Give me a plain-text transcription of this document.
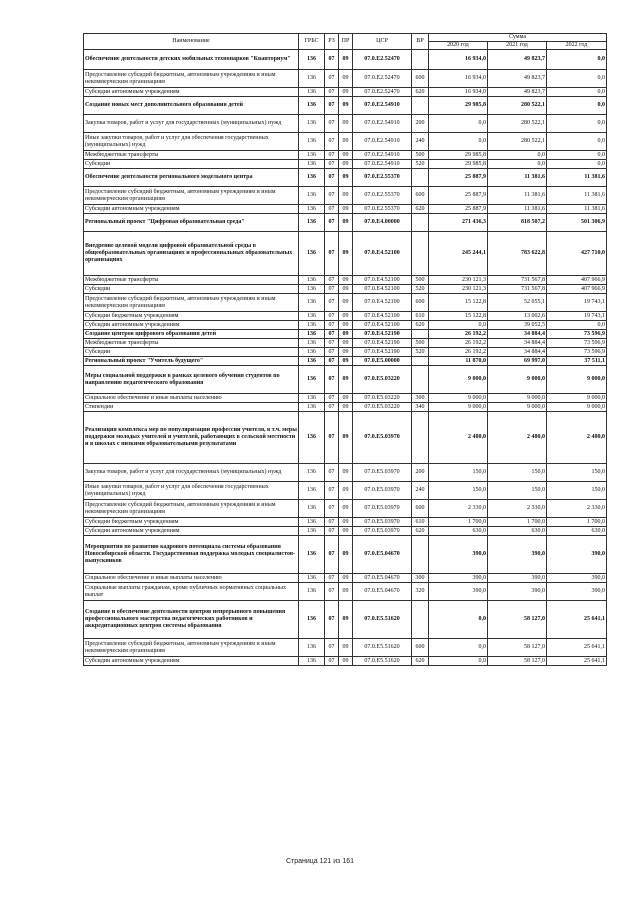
Наименование	ГРБС	РЗ	ПР	ЦСР	ВР	Сумма		
						2020 год	2021 год	2022 год
Обеспечение деятельности детских мобильных технопарков "Кванториум"	136	07	09	07.0.E2.52470		16 934,0	49 823,7	0,0
Предоставление субсидий бюджетным, автономным учреждениям и иным некоммерческим организациям	136	07	09	07.0.E2.52470	600	16 934,0	49 823,7	0,0
Субсидии автономным учреждениям	136	07	09	07.0.E2.52470	620	16 934,0	49 823,7	0,0
Создание новых мест дополнительного образования детей	136	07	09	07.0.E2.54910		29 985,8	280 522,1	0,0
Закупка товаров, работ и услуг для государственных (муниципальных) нужд	136	07	09	07.0.E2.54910	200	0,0	280 522,1	0,0
Иные закупки товаров, работ и услуг для обеспечения государственных (муниципальных) нужд	136	07	09	07.0.E2.54910	240	0,0	280 522,1	0,0
Межбюджетные трансферты	136	07	09	07.0.E2.54910	500	29 985,8	0,0	0,0
Субсидии	136	07	09	07.0.E2.54910	520	29 985,8	0,0	0,0
Обеспечение деятельности регионального модельного центра	136	07	09	07.0.E2.55370		25 887,9	11 381,6	11 381,6
Предоставление субсидий бюджетным, автономным учреждениям и иным некоммерческим организациям	136	07	09	07.0.E2.55370	600	25 887,9	11 381,6	11 381,6
Субсидии автономным учреждениям	136	07	09	07.0.E2.55370	620	25 887,9	11 381,6	11 381,6
Региональный проект "Цифровая образовательная среда"	136	07	09	07.0.E4.00000		271 436,3	818 507,2	501 306,9
Внедрение целевой модели цифровой образовательной среды в общеобразовательных организациях и профессиональных образовательных организациях	136	07	09	07.0.E4.52100		245 244,1	783 622,8	427 710,0
Межбюджетные трансферты	136	07	09	07.0.E4.52100	500	230 121,3	731 567,8	407 966,9
Субсидии	136	07	09	07.0.E4.52100	520	230 121,3	731 567,8	407 966,9
Предоставление субсидий бюджетным, автономным учреждениям и иным некоммерческим организациям	136	07	09	07.0.E4.52100	600	15 122,8	52 055,1	19 743,1
Субсидии бюджетным учреждениям	136	07	09	07.0.E4.52100	610	15 122,8	13 002,6	19 743,1
Субсидии автономным учреждениям	136	07	09	07.0.E4.52100	620	0,0	39 052,5	0,0
Создание центров цифрового образования детей	136	07	09	07.0.E4.52190		26 192,2	34 884,4	73 596,9
Межбюджетные трансферты	136	07	09	07.0.E4.52190	500	26 192,2	34 884,4	73 596,9
Субсидии	136	07	09	07.0.E4.52190	520	26 192,2	34 884,4	73 596,9
Региональный проект "Учитель будущего"	136	07	09	07.0.E5.00000		11 870,0	69 997,0	37 511,1
Меры социальной поддержки в рамках целевого обучения студентов по направлению педагогического образования	136	07	09	07.0.E5.03220		9 000,0	9 000,0	9 000,0
Социальное обеспечение и иные выплаты населению	136	07	09	07.0.E5.03220	300	9 000,0	9 000,0	9 000,0
Стипендии	136	07	09	07.0.E5.03220	340	9 000,0	9 000,0	9 000,0
Реализация комплекса мер по популяризации профессии учителя, в т.ч. меры поддержки молодых учителей и учителей, работающих в сельской местности и в школах с низкими образовательными результатами	136	07	09	07.0.E5.03970		2 480,0	2 480,0	2 480,0
Закупка товаров, работ и услуг для государственных (муниципальных) нужд	136	07	09	07.0.E5.03970	200	150,0	150,0	150,0
Иные закупки товаров, работ и услуг для обеспечения государственных (муниципальных) нужд	136	07	09	07.0.E5.03970	240	150,0	150,0	150,0
Предоставление субсидий бюджетным, автономным учреждениям и иным некоммерческим организациям	136	07	09	07.0.E5.03970	600	2 330,0	2 330,0	2 330,0
Субсидии бюджетным учреждениям	136	07	09	07.0.E5.03970	610	1 700,0	1 700,0	1 700,0
Субсидии автономным учреждениям	136	07	09	07.0.E5.03970	620	630,0	630,0	630,0
Мероприятия по развитию кадрового потенциала системы образования Новосибирской области. Государственная поддержка молодых специалистов-выпускников	136	07	09	07.0.E5.04670		390,0	390,0	390,0
Социальное обеспечение и иные выплаты населению	136	07	09	07.0.E5.04670	300	390,0	390,0	390,0
Социальные выплаты гражданам, кроме публичных нормативных социальных выплат	136	07	09	07.0.E5.04670	320	390,0	390,0	390,0
Создание и обеспечение деятельности центров непрерывного повышения профессионального мастерства педагогических работников и аккредитационных центров системы образования	136	07	09	07.0.E5.51620		0,0	58 127,0	25 641,1
Предоставление субсидий бюджетным, автономным учреждениям и иным некоммерческим организациям	136	07	09	07.0.E5.51620	600	0,0	58 127,0	25 641,1
Субсидии автономным учреждениям	136	07	09	07.0.E5.51620	620	0,0	58 127,0	25 641,1
Страница 121 из 161
